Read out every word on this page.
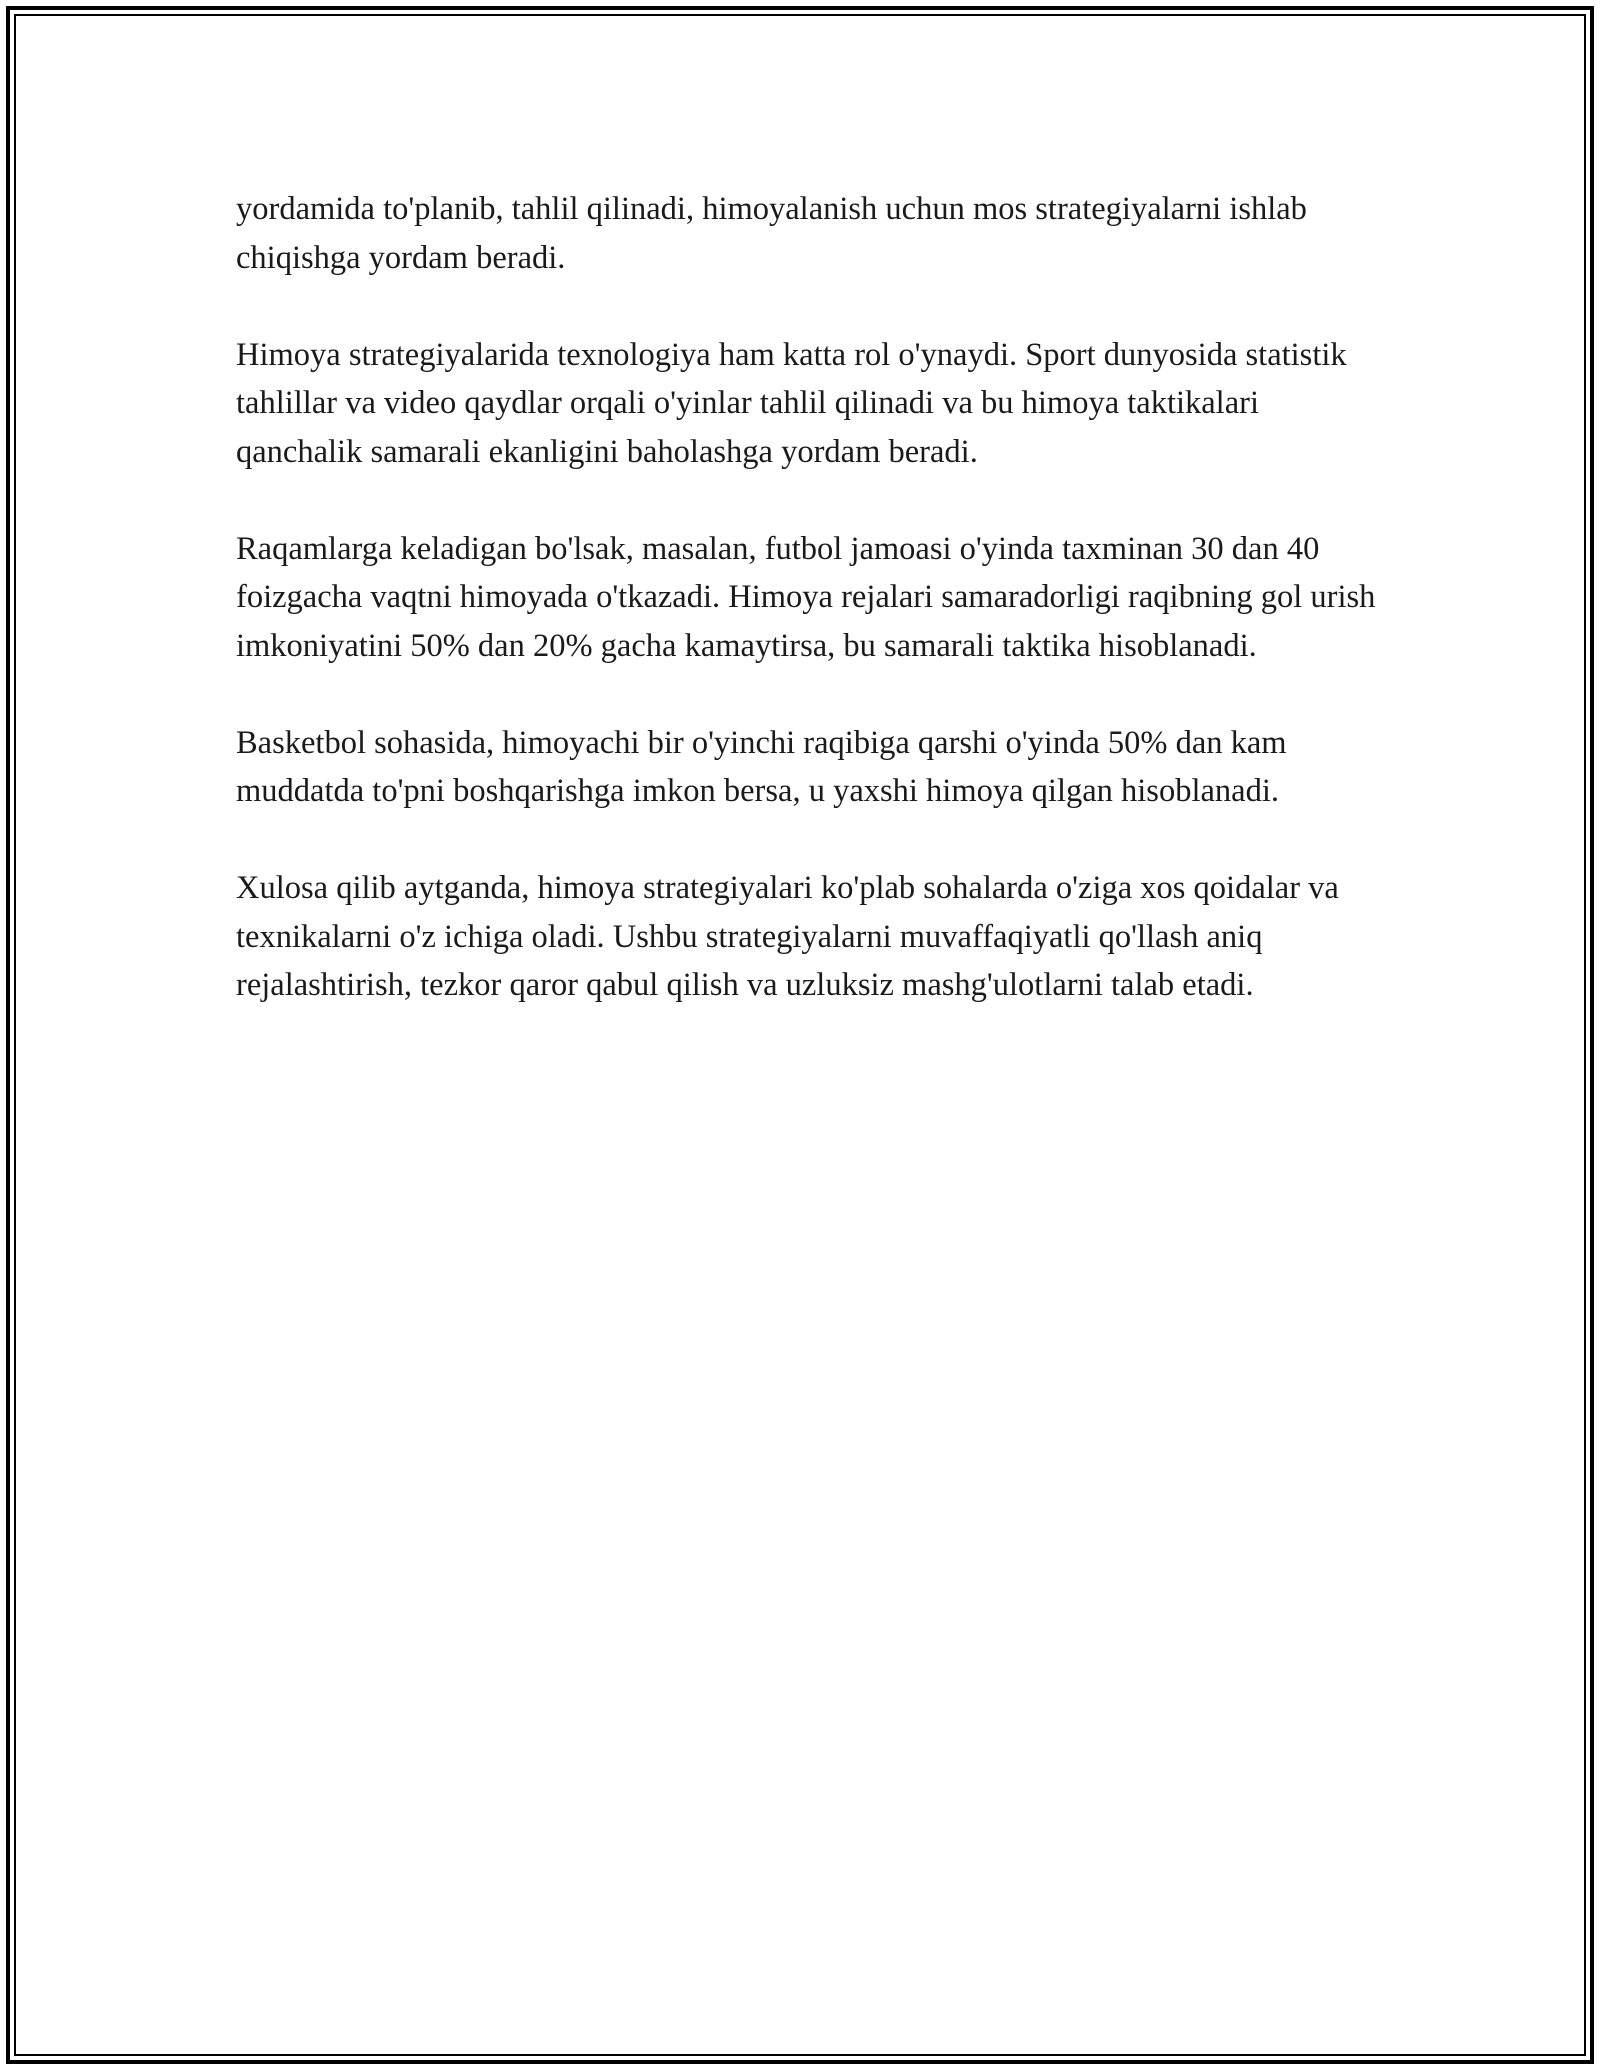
yordamida to'planib, tahlil qilinadi, himoyalanish uchun mos strategiyalarni ishlab chiqishga yordam beradi.

Himoya strategiyalarida texnologiya ham katta rol o'ynaydi. Sport dunyosida statistik tahlillar va video qaydlar orqali o'yinlar tahlil qilinadi va bu himoya taktikalari qanchalik samarali ekanligini baholashga yordam beradi.

Raqamlarga keladigan bo'lsak, masalan, futbol jamoasi o'yinda taxminan 30 dan 40 foizgacha vaqtni himoyada o'tkazadi. Himoya rejalari samaradorligi raqibning gol urish imkoniyatini 50% dan 20% gacha kamaytirsa, bu samarali taktika hisoblanadi.

Basketbol sohasida, himoyachi bir o'yinchi raqibiga qarshi o'yinda 50% dan kam muddatda to'pni boshqarishga imkon bersa, u yaxshi himoya qilgan hisoblanadi.

Xulosa qilib aytganda, himoya strategiyalari ko'plab sohalarda o'ziga xos qoidalar va texnikalarni o'z ichiga oladi. Ushbu strategiyalarni muvaffaqiyatli qo'llash aniq rejalashtirish, tezkor qaror qabul qilish va uzluksiz mashg'ulotlarni talab etadi.
